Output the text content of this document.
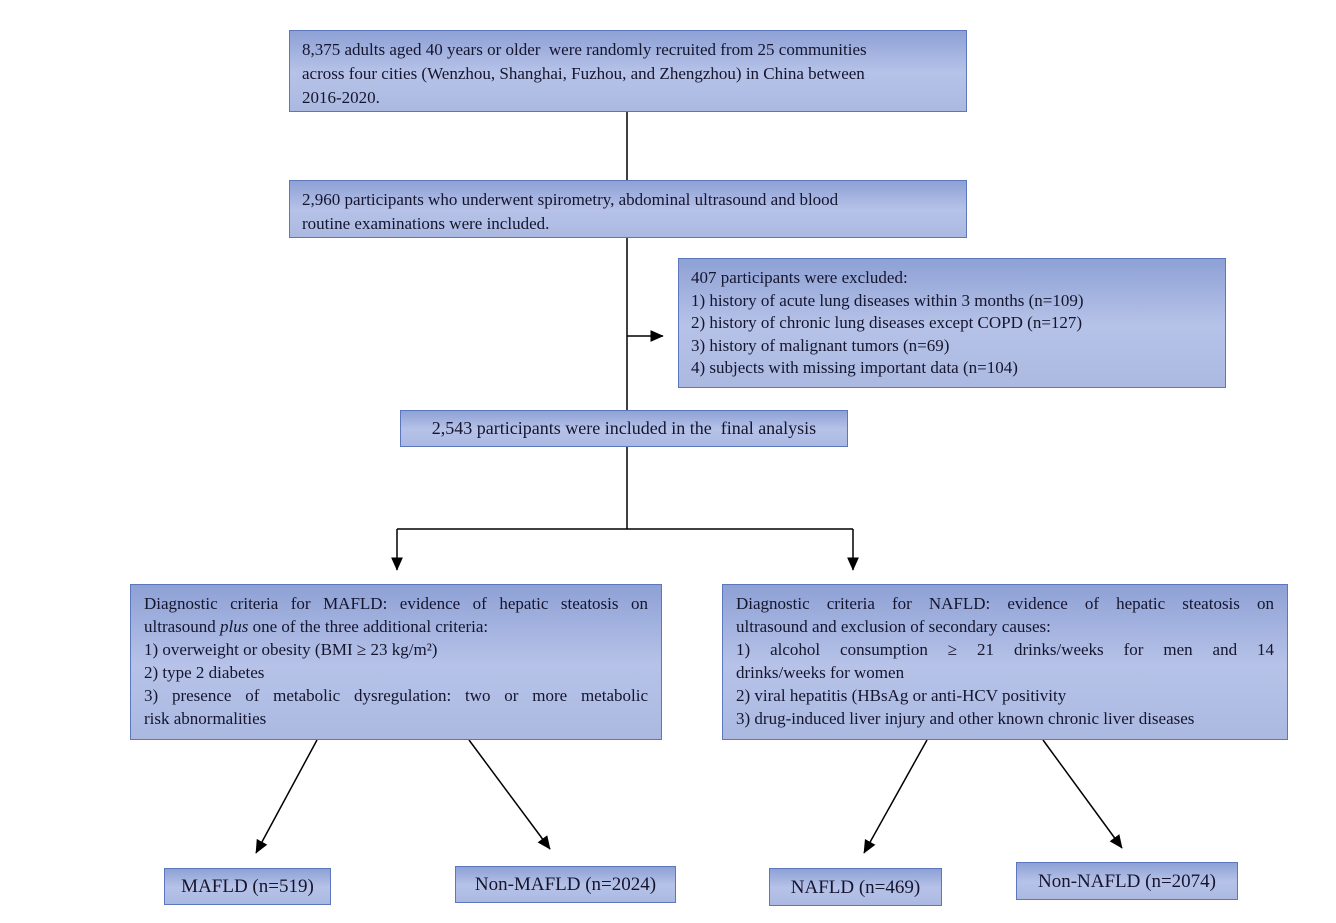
8,375 adults aged 40 years or older  were randomly recruited from 25 communities
across four cities (Wenzhou, Shanghai, Fuzhou, and Zhengzhou) in China between
2016-2020.
2,960 participants who underwent spirometry, abdominal ultrasound and blood
routine examinations were included.
407 participants were excluded:
1) history of acute lung diseases within 3 months (n=109)
2) history of chronic lung diseases except COPD (n=127)
3) history of malignant tumors (n=69)
4) subjects with missing important data (n=104)
2,543 participants were included in the  final analysis
Diagnostic criteria for MAFLD: evidence of hepatic steatosis on
ultrasound plus one of the three additional criteria:
1) overweight or obesity (BMI ≥ 23 kg/m²)
2) type 2 diabetes
3) presence of metabolic dysregulation: two or more metabolic
risk abnormalities
Diagnostic criteria for NAFLD: evidence of hepatic steatosis on
ultrasound and exclusion of secondary causes:
1) alcohol consumption ≥ 21 drinks/weeks for men and 14
drinks/weeks for women
2) viral hepatitis (HBsAg or anti-HCV positivity
3) drug-induced liver injury and other known chronic liver diseases
MAFLD (n=519)	Non-MAFLD (n=2024)	NAFLD (n=469)	Non-NAFLD (n=2074)
